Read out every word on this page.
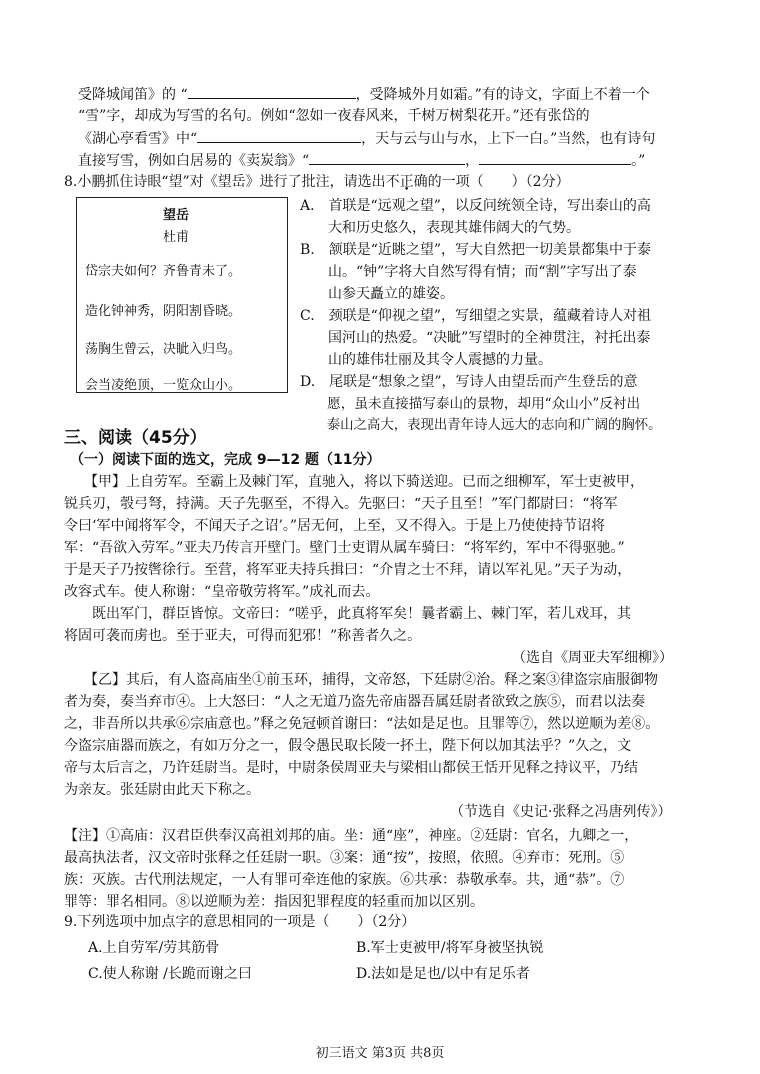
受降城闻笛》的 “	，受降城外月如霜。”有的诗文，字面上不着一个
“雪”字，却成为写雪的名句。例如“忽如一夜春风来，千树万树梨花开。”还有张岱的
《湖心亭看雪》中“	，天与云与山与水，上下一白。”当然，也有诗句
直接写雪，例如白居易的《卖炭翁》“	，	。”
8.小鹏抓住诗眼“望”对《望岳》进行了批注，请选出不正确的一项（　　）（2分）
望岳
杜甫
岱宗夫如何？齐鲁青未了。
造化钟神秀，阴阳割昏晓。
荡胸生曾云，决眦入归鸟。
会当凌绝顶，一览众山小。
A.　首联是“远观之望”，以反问统领全诗，写出泰山的高
　　大和历史悠久，表现其雄伟阔大的气势。
B.　颔联是“近眺之望”，写大自然把一切美景都集中于泰
　　山。“钟”字将大自然写得有情；而“割”字写出了泰
　　山参天矗立的雄姿。
C.　颈联是“仰视之望”，写细望之实景，蕴藏着诗人对祖
　　国河山的热爱。“决眦”写望时的全神贯注，衬托出泰
　　山的雄伟壮丽及其令人震撼的力量。
D.　尾联是“想象之望”，写诗人由望岳而产生登岳的意
　　愿，虽未直接描写泰山的景物，却用“众山小”反衬出
　　泰山之高大，表现出青年诗人远大的志向和广阔的胸怀。
三、阅读（45分）
（一）阅读下面的选文，完成 9—12 题（11分）
【甲】上自劳军。至霸上及棘门军，直驰入，将以下骑送迎。已而之细柳军，军士吏被甲，
锐兵刃，彀弓弩，持满。天子先驱至，不得入。先驱曰：“天子且至！”军门都尉曰：“将军
令曰‘军中闻将军令，不闻天子之诏’。”居无何，上至，又不得入。于是上乃使使持节诏将
军：“吾欲入劳军。”亚夫乃传言开壁门。壁门士吏谓从属车骑曰：“将军约，军中不得驱驰。”
于是天子乃按辔徐行。至营，将军亚夫持兵揖曰：“介胄之士不拜，请以军礼见。”天子为动，
改容式车。使人称谢：“皇帝敬劳将军。”成礼而去。
　　既出军门，群臣皆惊。文帝曰：“嗟乎，此真将军矣！曩者霸上、棘门军，若儿戏耳，其
将固可袭而虏也。至于亚夫，可得而犯邪！”称善者久之。
（选自《周亚夫军细柳》）
【乙】其后，有人盗高庙坐①前玉环，捕得，文帝怒，下廷尉②治。释之案③律盗宗庙服御物
者为奏，奏当弃市④。上大怒曰：“人之无道乃盗先帝庙器吾属廷尉者欲致之族⑤，而君以法奏
之，非吾所以共承⑥宗庙意也。”释之免冠顿首谢曰：“法如是足也。且罪等⑦，然以逆顺为差⑧。
今盗宗庙器而族之，有如万分之一，假令愚民取长陵一抔土，陛下何以加其法乎？”久之，文
帝与太后言之，乃许廷尉当。是时，中尉条侯周亚夫与梁相山都侯王恬开见释之持议平，乃结
为亲友。张廷尉由此天下称之。
（节选自《史记·张释之冯唐列传》）
【注】①高庙：汉君臣供奉汉高祖刘邦的庙。坐：通“座”，神座。②廷尉：官名，九卿之一，
最高执法者，汉文帝时张释之任廷尉一职。③案：通“按”，按照，依照。④弃市：死刑。⑤
族：灭族。古代刑法规定，一人有罪可牵连他的家族。⑥共承：恭敬承奉。共，通“恭”。⑦
罪等：罪名相同。⑧以逆顺为差：指因犯罪程度的轻重而加以区别。
9.下列选项中加点字的意思相同的一项是（　　）（2分）
A.上自劳军/劳其筋骨	B.军士吏被甲/将军身被坚执锐
C.使人称谢 /长跪而谢之曰	D.法如是足也/以中有足乐者
初三语文 第3页 共8页
